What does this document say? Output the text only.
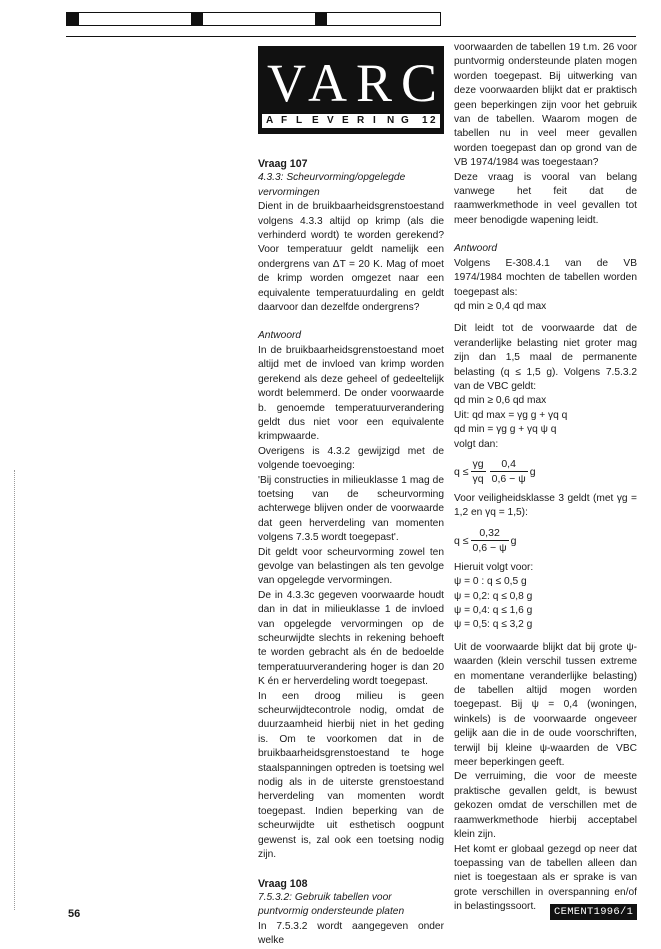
VARCE
A F L E V E R I N G 1 2

Vraag 107

4.3.3: Scheurvorming/opgelegde vervormingen

Dient in de bruikbaarheidsgrenstoestand volgens 4.3.3 altijd op krimp (als die verhinderd wordt) te worden gerekend? Voor temperatuur geldt namelijk een ondergrens van ΔT = 20 K. Mag of moet de krimp worden omgezet naar een equivalente temperatuurdaling en geldt daarvoor dan dezelfde ondergrens?

Antwoord

In de bruikbaarheidsgrenstoestand moet altijd met de invloed van krimp worden gerekend als deze geheel of gedeeltelijk wordt belemmerd. De onder voorwaarde b. genoemde temperatuurverandering geldt dus niet voor een equivalente krimpwaarde.

Overigens is 4.3.2 gewijzigd met de volgende toevoeging:

'Bij constructies in milieuklasse 1 mag de toetsing van de scheurvorming achterwege blijven onder de voorwaarde dat geen herverdeling van momenten volgens 7.3.5 wordt toegepast'.

Dit geldt voor scheurvorming zowel ten gevolge van belastingen als ten gevolge van opgelegde vervormingen.

De in 4.3.3c gegeven voorwaarde houdt dan in dat in milieuklasse 1 de invloed van opgelegde vervormingen op de scheurwijdte slechts in rekening behoeft te worden gebracht als én de bedoelde temperatuurverandering hoger is dan 20 K én er herverdeling wordt toegepast.

In een droog milieu is geen scheurwijdtecontrole nodig, omdat de duurzaamheid hierbij niet in het geding is. Om te voorkomen dat in de bruikbaarheidsgrenstoestand te hoge staalspanningen optreden is toetsing wel nodig als in de uiterste grenstoestand herverdeling van momenten wordt toegepast. Indien beperking van de scheurwijdte uit esthetisch oogpunt gewenst is, zal ook een toetsing nodig zijn.

Vraag 108

7.5.3.2: Gebruik tabellen voor puntvormig ondersteunde platen

In 7.5.3.2 wordt aangegeven onder welke

voorwaarden de tabellen 19 t.m. 26 voor puntvormig ondersteunde platen mogen worden toegepast. Bij uitwerking van deze voorwaarden blijkt dat er praktisch geen beperkingen zijn voor het gebruik van de tabellen. Waarom mogen de tabellen nu in veel meer gevallen worden toegepast dan op grond van de VB 1974/1984 was toegestaan?

Deze vraag is vooral van belang vanwege het feit dat de raamwerkmethode in veel gevallen tot meer benodigde wapening leidt.

Antwoord

Volgens E-308.4.1 van de VB 1974/1984 mochten de tabellen worden toegepast als:

qd min ≥ 0,4 qd max

Dit leidt tot de voorwaarde dat de veranderlijke belasting niet groter mag zijn dan 1,5 maal de permanente belasting (q ≤ 1,5 g). Volgens 7.5.3.2 van de VBC geldt:

qd min ≥ 0,6 qd max

Uit: qd max = γg g + γq q

qd min = γg g + γq ψ q

volgt dan:

$q \le \frac{\gamma g}{\gamma q} \frac{0,4}{0,6 - \psi}$ g

Voor veiligheidsklasse 3 geldt (met γg = 1,2 en γq = 1,5):

$q \le \frac{0,32}{0,6 - \psi}$ g

Hieruit volgt voor:

ψ = 0 : q ≤ 0,5 g

ψ = 0,2: q ≤ 0,8 g

ψ = 0,4: q ≤ 1,6 g

ψ = 0,5: q ≤ 3,2 g

Uit de voorwaarde blijkt dat bij grote ψ-waarden (klein verschil tussen extreme en momentane veranderlijke belasting) de tabellen altijd mogen worden toegepast. Bij ψ = 0,4 (woningen, winkels) is de voorwaarde ongeveer gelijk aan die in de oude voorschriften, terwijl bij kleine ψ-waarden de VBC meer beperkingen geeft.

De verruiming, die voor de meeste praktische gevallen geldt, is bewust gekozen omdat de verschillen met de raamwerkmethode hierbij acceptabel klein zijn.

Het komt er globaal gezegd op neer dat toepassing van de tabellen alleen dan niet is toegestaan als er sprake is van grote verschillen in overspanning en/of in belastingssoort.

56	CEMENT1996/1
